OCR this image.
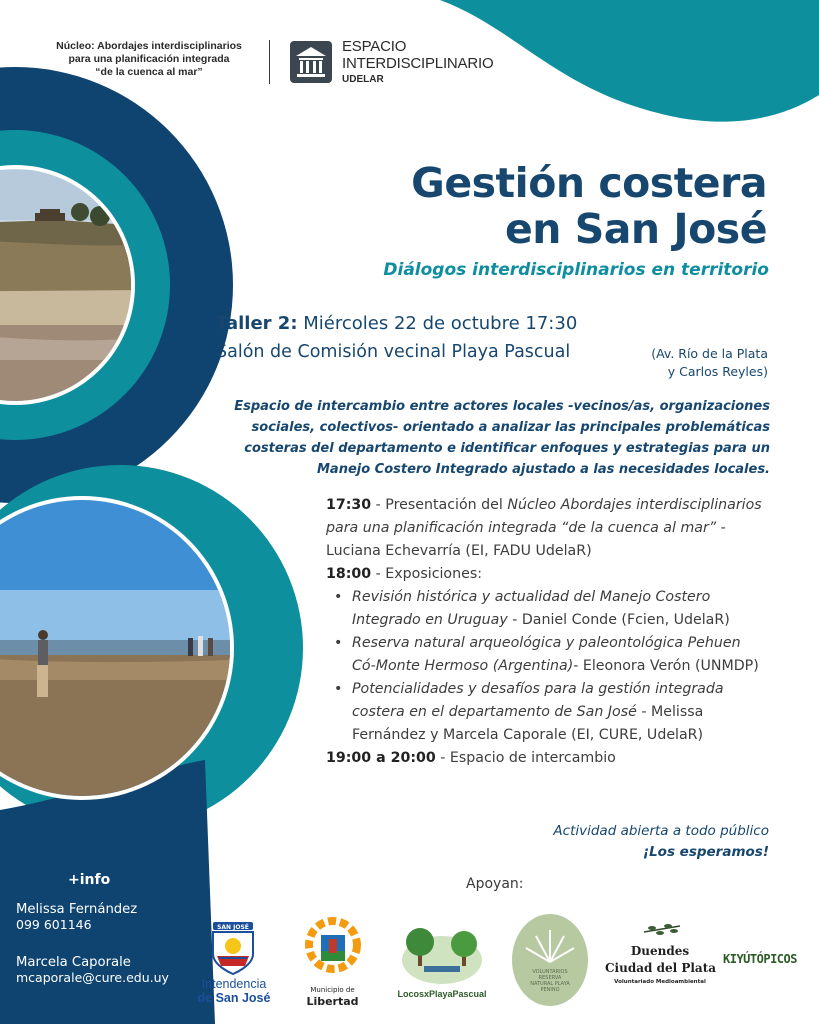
Núcleo: Abordajes interdisciplinarios
para una planificación integrada
“de la cuenca al mar”
ESPACIO
INTERDISCIPLINARIO
UDELAR
Gestión costera
en San José
Diálogos interdisciplinarios en territorio
Taller 2: Miércoles 22 de octubre 17:30
Salón de Comisión vecinal Playa Pascual	(Av. Río de la Plata
y Carlos Reyles)
Espacio de intercambio entre actores locales -vecinos/as, organizaciones sociales, colectivos- orientado a analizar las principales problemáticas costeras del departamento e identificar enfoques y estrategias para un Manejo Costero Integrado ajustado a las necesidades locales.
17:30 - Presentación del Núcleo Abordajes interdisciplinarios para una planificación integrada “de la cuenca al mar” - Luciana Echevarría (EI, FADU UdelaR)
18:00 - Exposiciones:
• Revisión histórica y actualidad del Manejo Costero Integrado en Uruguay - Daniel Conde (Fcien, UdelaR)
• Reserva natural arqueológica y paleontológica Pehuen Có-Monte Hermoso (Argentina)- Eleonora Verón (UNMDP)
• Potencialidades y desafíos para la gestión integrada costera en el departamento de San José - Melissa Fernández y Marcela Caporale (EI, CURE, UdelaR)
19:00 a 20:00 - Espacio de intercambio
Actividad abierta a todo público
¡Los esperamos!
Apoyan:
+info
Melissa Fernández
099 601146
Marcela Caporale
mcaporale@cure.edu.uy
SAN JOSÉ
Intendencia
de San José
Municipio de
Libertad
LocosxPlayaPascual
VOLUNTARIOS
RESERVA
NATURAL PLAYA
PENINO
Duendes
Ciudad del Plata
Voluntariado Medioambiental
KIYÚTÓPICOS
